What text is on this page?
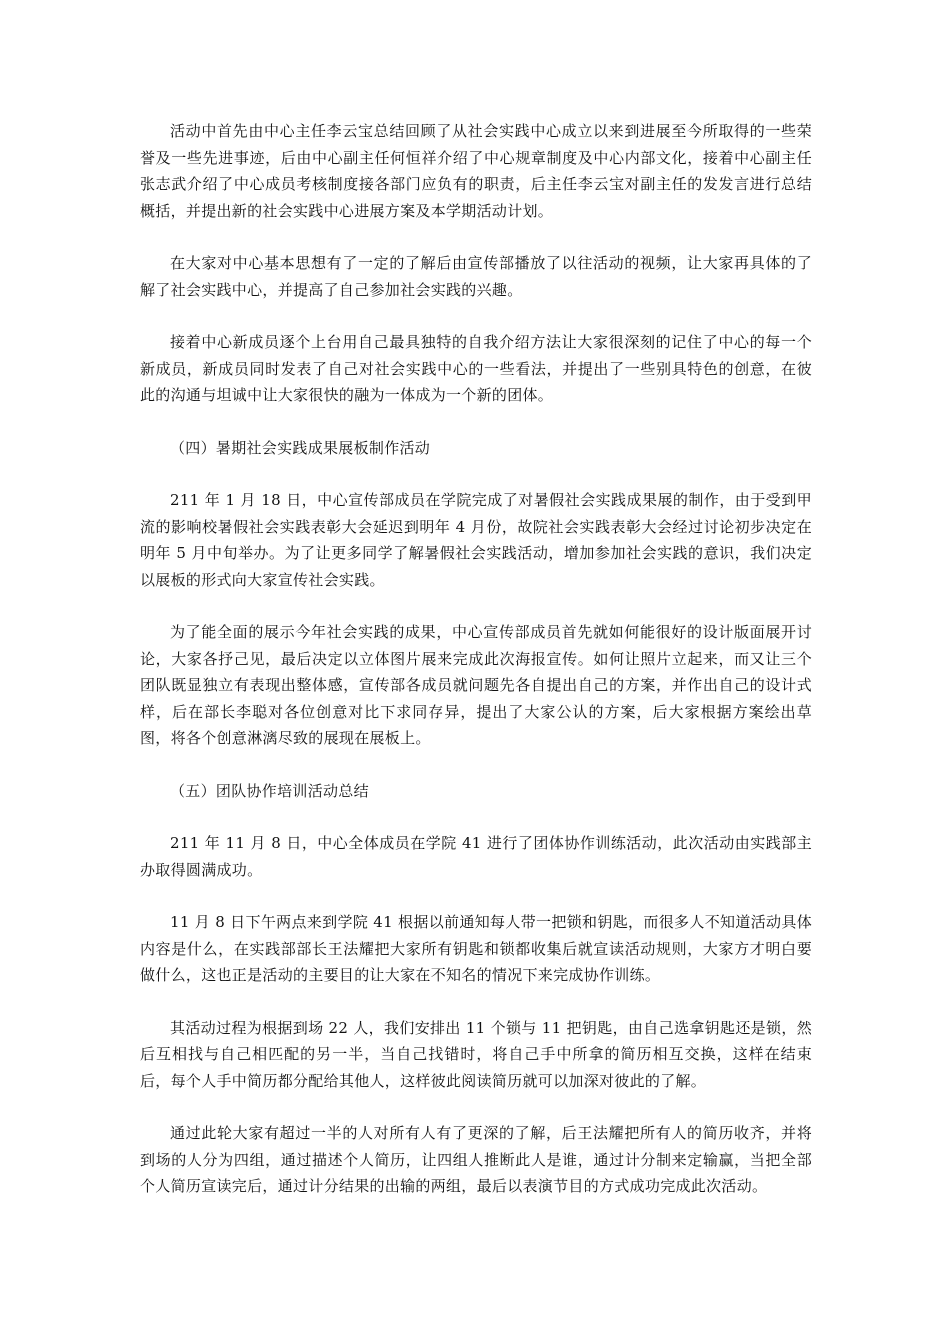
活动中首先由中心主任李云宝总结回顾了从社会实践中心成立以来到进展至今所取得的一些荣誉及一些先进事迹，后由中心副主任何恒祥介绍了中心规章制度及中心内部文化，接着中心副主任张志武介绍了中心成员考核制度接各部门应负有的职责，后主任李云宝对副主任的发发言进行总结概括，并提出新的社会实践中心进展方案及本学期活动计划。

在大家对中心基本思想有了一定的了解后由宣传部播放了以往活动的视频，让大家再具体的了解了社会实践中心，并提高了自己参加社会实践的兴趣。

接着中心新成员逐个上台用自己最具独特的自我介绍方法让大家很深刻的记住了中心的每一个新成员，新成员同时发表了自己对社会实践中心的一些看法，并提出了一些别具特色的创意，在彼此的沟通与坦诚中让大家很快的融为一体成为一个新的团体。

（四）暑期社会实践成果展板制作活动

211 年 1 月 18 日，中心宣传部成员在学院完成了对暑假社会实践成果展的制作，由于受到甲流的影响校暑假社会实践表彰大会延迟到明年 4 月份，故院社会实践表彰大会经过讨论初步决定在明年 5 月中旬举办。为了让更多同学了解暑假社会实践活动，增加参加社会实践的意识，我们决定以展板的形式向大家宣传社会实践。

为了能全面的展示今年社会实践的成果，中心宣传部成员首先就如何能很好的设计版面展开讨论，大家各抒己见，最后决定以立体图片展来完成此次海报宣传。如何让照片立起来，而又让三个团队既显独立有表现出整体感，宣传部各成员就问题先各自提出自己的方案，并作出自己的设计式样，后在部长李聪对各位创意对比下求同存异，提出了大家公认的方案，后大家根据方案绘出草图，将各个创意淋漓尽致的展现在展板上。

（五）团队协作培训活动总结

211 年 11 月 8 日，中心全体成员在学院 41 进行了团体协作训练活动，此次活动由实践部主办取得圆满成功。

11 月 8 日下午两点来到学院 41 根据以前通知每人带一把锁和钥匙，而很多人不知道活动具体内容是什么，在实践部部长王法耀把大家所有钥匙和锁都收集后就宣读活动规则，大家方才明白要做什么，这也正是活动的主要目的让大家在不知名的情况下来完成协作训练。

其活动过程为根据到场 22 人，我们安排出 11 个锁与 11 把钥匙，由自己选拿钥匙还是锁，然后互相找与自己相匹配的另一半，当自己找错时，将自己手中所拿的简历相互交换，这样在结束后，每个人手中简历都分配给其他人，这样彼此阅读简历就可以加深对彼此的了解。

通过此轮大家有超过一半的人对所有人有了更深的了解，后王法耀把所有人的简历收齐，并将到场的人分为四组，通过描述个人简历，让四组人推断此人是谁，通过计分制来定输赢，当把全部个人简历宣读完后，通过计分结果的出输的两组，最后以表演节目的方式成功完成此次活动。
